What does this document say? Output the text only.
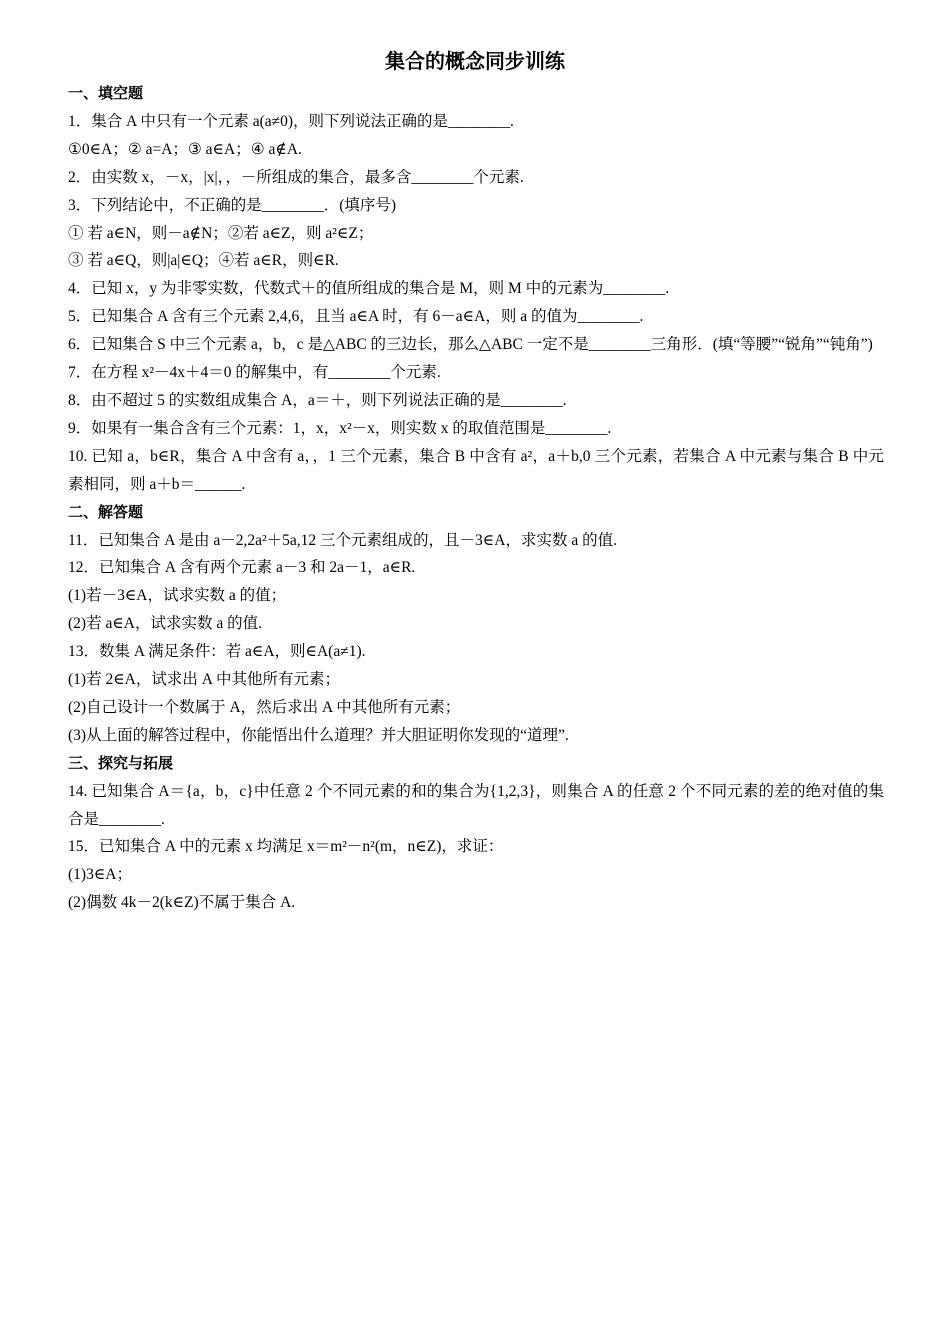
集合的概念同步训练
一、填空题
1．集合 A 中只有一个元素 a(a≠0)，则下列说法正确的是________.
①0∈A；② a=A；③ a∈A；④ a∉A.
2．由实数 x，－x，|x|，，－所组成的集合，最多含________个元素.
3．下列结论中，不正确的是________．(填序号)
① 若 a∈N，则－a∉N；②若 a∈Z，则 a²∈Z；
③ 若 a∈Q，则|a|∈Q；④若 a∈R，则∈R.
4．已知 x，y 为非零实数，代数式＋的值所组成的集合是 M，则 M 中的元素为________.
5．已知集合 A 含有三个元素 2,4,6，且当 a∈A 时，有 6－a∈A，则 a 的值为________.
6．已知集合 S 中三个元素 a，b，c 是△ABC 的三边长，那么△ABC 一定不是________三角形．(填“等腰”“锐角”“钝角”)
7．在方程 x²－4x＋4＝0 的解集中，有________个元素.
8．由不超过 5 的实数组成集合 A，a＝＋，则下列说法正确的是________.
9．如果有一集合含有三个元素：1，x，x²－x，则实数 x 的取值范围是________.
10. 已知 a，b∈R，集合 A 中含有 a，，1 三个元素，集合 B 中含有 a²，a＋b,0 三个元素，若集合 A 中元素与集合 B 中元素相同，则 a＋b＝______.
二、解答题
11．已知集合 A 是由 a－2,2a²＋5a,12 三个元素组成的，且－3∈A，求实数 a 的值.
12．已知集合 A 含有两个元素 a－3 和 2a－1，a∈R.
(1)若－3∈A，试求实数 a 的值；
(2)若 a∈A，试求实数 a 的值.
13．数集 A 满足条件：若 a∈A，则∈A(a≠1).
(1)若 2∈A，试求出 A 中其他所有元素；
(2)自己设计一个数属于 A，然后求出 A 中其他所有元素；
(3)从上面的解答过程中，你能悟出什么道理？并大胆证明你发现的“道理”.
三、探究与拓展
14. 已知集合 A＝{a，b，c}中任意 2 个不同元素的和的集合为{1,2,3}，则集合 A 的任意 2 个不同元素的差的绝对值的集合是________.
15．已知集合 A 中的元素 x 均满足 x＝m²－n²(m，n∈Z)，求证：
(1)3∈A；
(2)偶数 4k－2(k∈Z)不属于集合 A.
